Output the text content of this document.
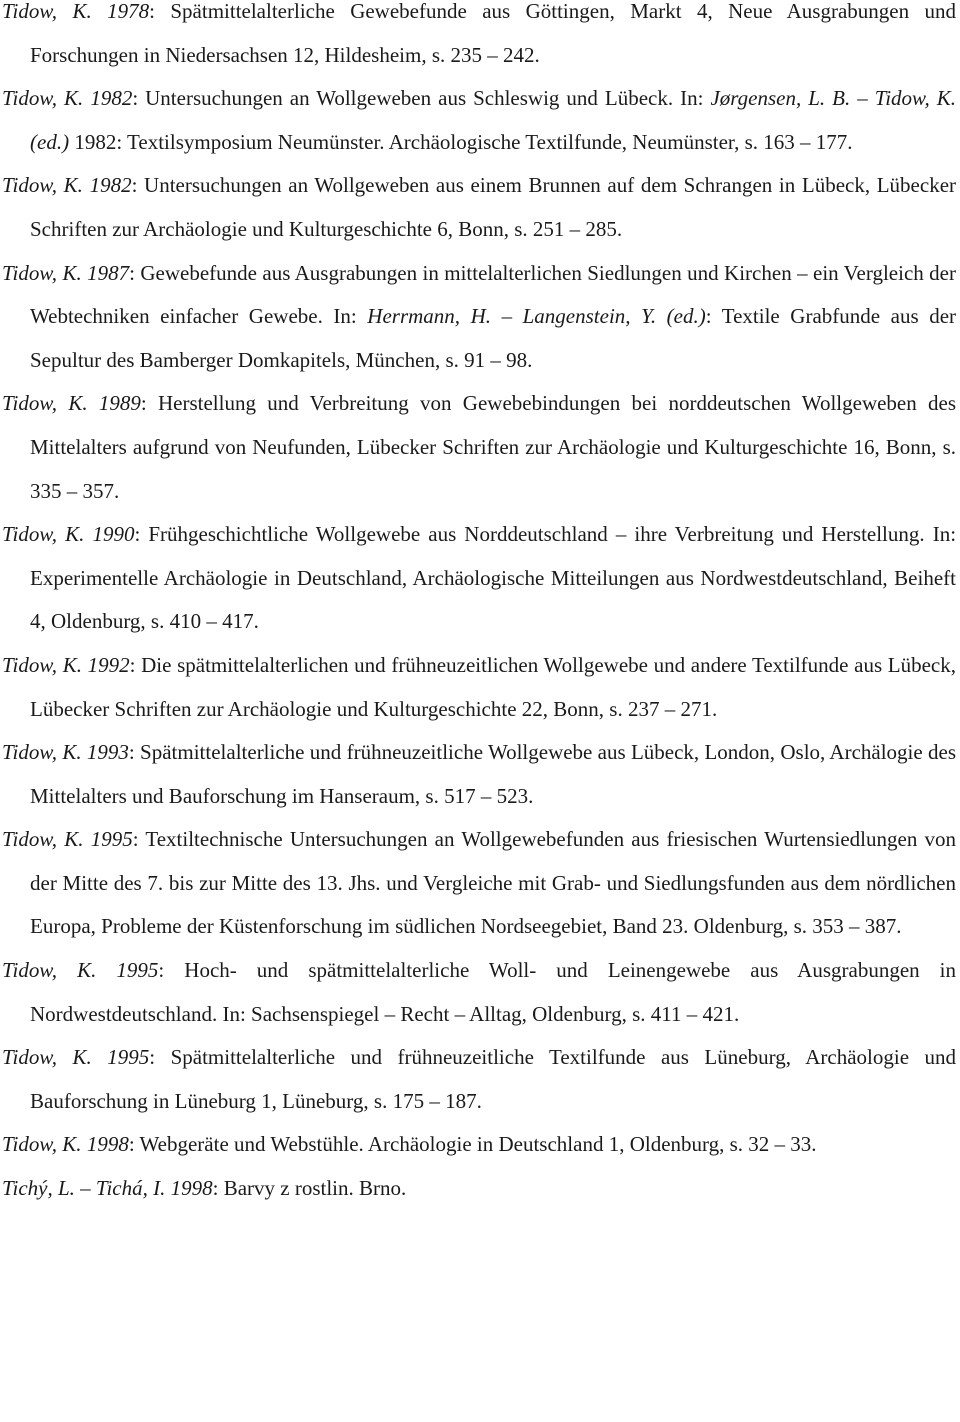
Tidow, K. 1978: Spätmittelalterliche Gewebefunde aus Göttingen, Markt 4, Neue Ausgrabungen und Forschungen in Niedersachsen 12, Hildesheim, s. 235 – 242.

Tidow, K. 1982: Untersuchungen an Wollgeweben aus Schleswig und Lübeck. In: Jørgensen, L. B. – Tidow, K. (ed.) 1982: Textilsymposium Neumünster. Archäologische Textilfunde, Neumünster, s. 163 – 177.

Tidow, K. 1982: Untersuchungen an Wollgeweben aus einem Brunnen auf dem Schrangen in Lübeck, Lübecker Schriften zur Archäologie und Kulturgeschichte 6, Bonn, s. 251 – 285.

Tidow, K. 1987: Gewebefunde aus Ausgrabungen in mittelalterlichen Siedlungen und Kirchen – ein Vergleich der Webtechniken einfacher Gewebe. In: Herrmann, H. – Langenstein, Y. (ed.): Textile Grabfunde aus der Sepultur des Bamberger Domkapitels, München, s. 91 – 98.

Tidow, K. 1989: Herstellung und Verbreitung von Gewebebindungen bei norddeutschen Wollgeweben des Mittelalters aufgrund von Neufunden, Lübecker Schriften zur Archäologie und Kulturgeschichte 16, Bonn, s. 335 – 357.

Tidow, K. 1990: Frühgeschichtliche Wollgewebe aus Norddeutschland – ihre Verbreitung und Herstellung. In: Experimentelle Archäologie in Deutschland, Archäologische Mitteilungen aus Nordwestdeutschland, Beiheft 4, Oldenburg, s. 410 – 417.

Tidow, K. 1992: Die spätmittelalterlichen und frühneuzeitlichen Wollgewebe und andere Textilfunde aus Lübeck, Lübecker Schriften zur Archäologie und Kulturgeschichte 22, Bonn, s. 237 – 271.

Tidow, K. 1993: Spätmittelalterliche und frühneuzeitliche Wollgewebe aus Lübeck, London, Oslo, Archälogie des Mittelalters und Bauforschung im Hanseraum, s. 517 – 523.

Tidow, K. 1995: Textiltechnische Untersuchungen an Wollgewebefunden aus friesischen Wurtensiedlungen von der Mitte des 7. bis zur Mitte des 13. Jhs. und Vergleiche mit Grab- und Siedlungsfunden aus dem nördlichen Europa, Probleme der Küstenforschung im südlichen Nordseegebiet, Band 23. Oldenburg, s. 353 – 387.

Tidow, K. 1995: Hoch- und spätmittelalterliche Woll- und Leinengewebe aus Ausgrabungen in Nordwestdeutschland. In: Sachsenspiegel – Recht – Alltag, Oldenburg, s. 411 – 421.

Tidow, K. 1995: Spätmittelalterliche und frühneuzeitliche Textilfunde aus Lüneburg, Archäologie und Bauforschung in Lüneburg 1, Lüneburg, s. 175 – 187.

Tidow, K. 1998: Webgeräte und Webstühle. Archäologie in Deutschland 1, Oldenburg, s. 32 – 33.

Tichý, L. – Tichá, I. 1998: Barvy z rostlin. Brno.
